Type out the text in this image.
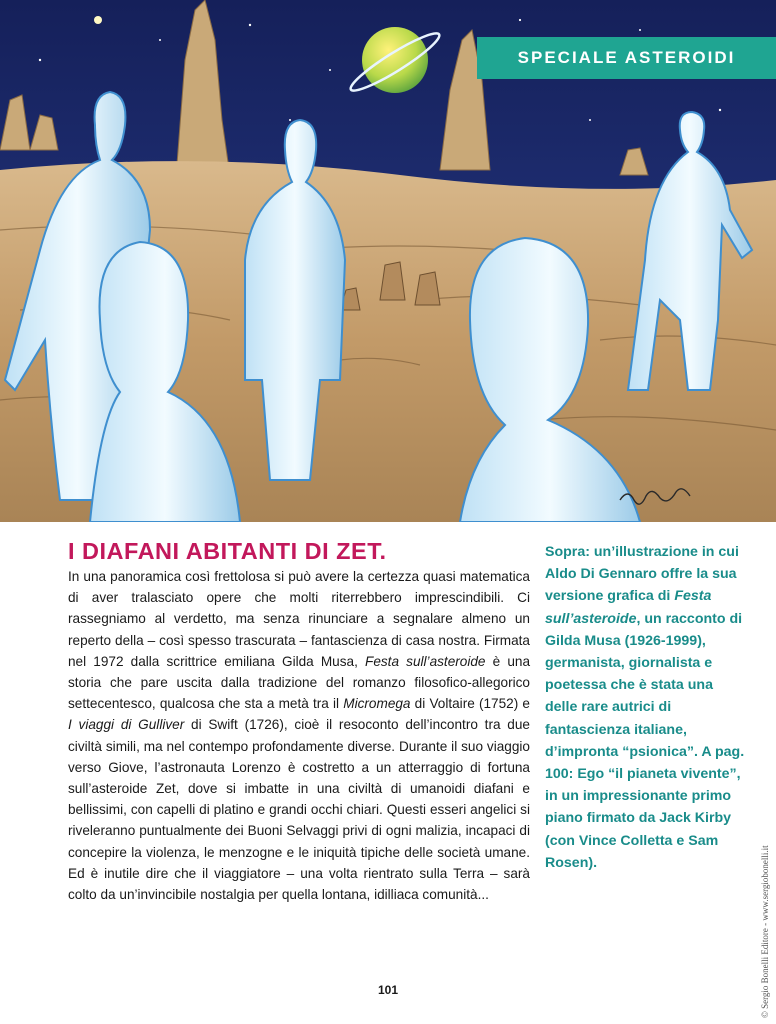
SPECIALE ASTEROIDI
I DIAFANI ABITANTI DI ZET.

In una panoramica così frettolosa si può avere la certezza quasi matematica di aver tralasciato opere che molti riterrebbero imprescindibili. Ci rassegniamo al verdetto, ma senza rinunciare a segnalare almeno un reperto della – così spesso trascurata – fantascienza di casa nostra. Firmata nel 1972 dalla scrittrice emiliana Gilda Musa, Festa sull’asteroide è una storia che pare uscita dalla tradizione del romanzo filosofico-allegorico settecentesco, qualcosa che sta a metà tra il Micromega di Voltaire (1752) e I viaggi di Gulliver di Swift (1726), cioè il resoconto dell’incontro tra due civiltà simili, ma nel contempo profondamente diverse. Durante il suo viaggio verso Giove, l’astronauta Lorenzo è costretto a un atterraggio di fortuna sull’asteroide Zet, dove si imbatte in una civiltà di umanoidi diafani e bellissimi, con capelli di platino e grandi occhi chiari. Questi esseri angelici si riveleranno puntualmente dei Buoni Selvaggi privi di ogni malizia, incapaci di concepire la violenza, le menzogne e le iniquità tipiche delle società umane. Ed è inutile dire che il viaggiatore – una volta rientrato sulla Terra – sarà colto da un’invincibile nostalgia per quella lontana, idilliaca comunità...

Sopra: un’illustrazione in cui Aldo Di Gennaro offre la sua versione grafica di Festa sull’asteroide, un racconto di Gilda Musa (1926-1999), germanista, giornalista e poetessa che è stata una delle rare autrici di fantascienza italiane, d’impronta “psionica”. A pag. 100: Ego “il pianeta vivente”, in un impressionante primo piano firmato da Jack Kirby (con Vince Colletta e Sam Rosen).
101	© Sergio Bonelli Editore - www.sergiobonelli.it
